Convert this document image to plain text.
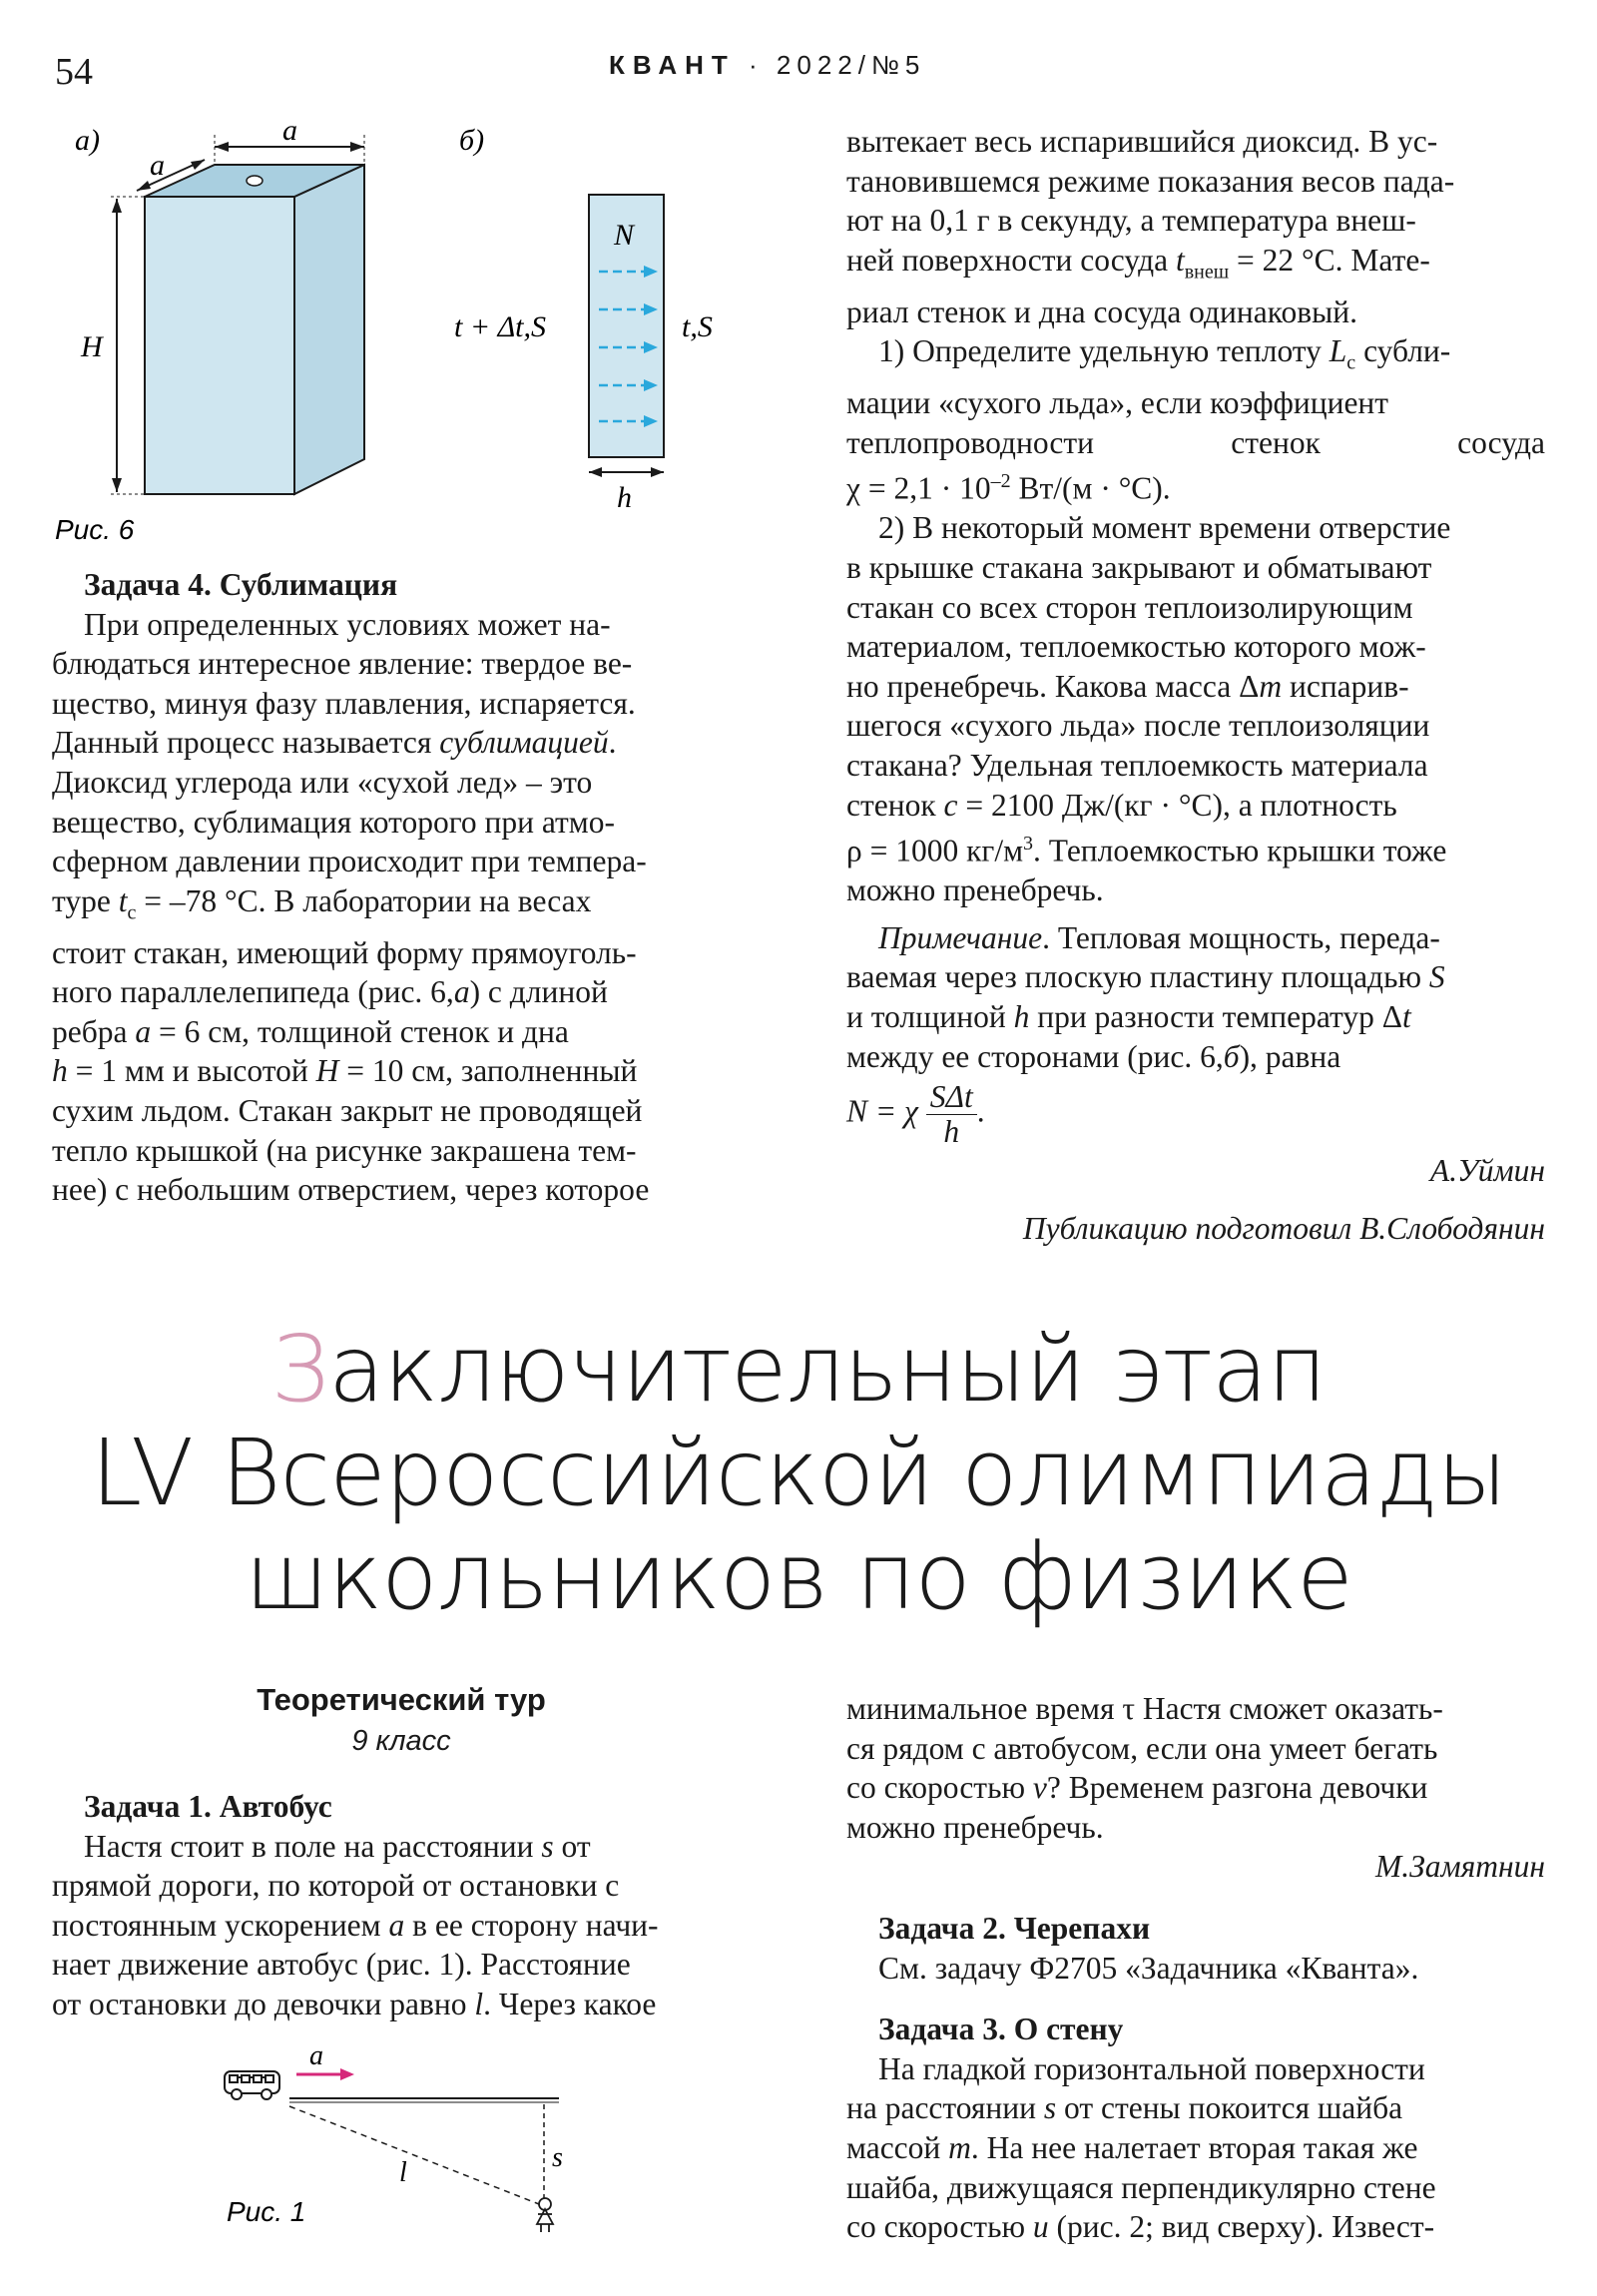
54	КВАНТ · 2022/№5
а)	б)
a
a
H
N
t + Δt,S	t,S
h
Рис. 6

Задача 4. Сублимация

При определенных условиях может на-

блюдаться интересное явление: твердое ве-

щество, минуя фазу плавления, испаряется.

Данный процесс называется сублимацией.

Диоксид углерода или «сухой лед» – это

вещество, сублимация которого при атмо-

сферном давлении происходит при темпера-

туре $t_с = -78$ °С. В лаборатории на весах

стоит стакан, имеющий форму прямоуголь-

ного параллелепипеда (рис. 6,а) с длиной

ребра a = 6 см, толщиной стенок и дна

h = 1 мм и высотой H = 10 см, заполненный

сухим льдом. Стакан закрыт не проводящей

тепло крышкой (на рисунке закрашена тем-

нее) с небольшим отверстием, через которое

вытекает весь испарившийся диоксид. В ус-

тановившемся режиме показания весов пада-

ют на 0,1 г в секунду, а температура внеш-

ней поверхности сосуда $t_{внеш} = 22$ °С. Мате-

риал стенок и дна сосуда одинаковый.

1) Определите удельную теплоту $L_с$ субли-

мации «сухого льда», если коэффициент

теплопроводности стенок сосуда

$\chi = 2,1 \cdot 10^{-2}$ Вт/(м · °С).

2) В некоторый момент времени отверстие

в крышке стакана закрывают и обматывают

стакан со всех сторон теплоизолирующим

материалом, теплоемкостью которого мож-

но пренебречь. Какова масса Δm испарив-

шегося «сухого льда» после теплоизоляции

стакана? Удельная теплоемкость материала

стенок c = 2100 Дж/(кг · °С), а плотность

ρ = 1000 $кг/м^3$. Теплоемкостью крышки тоже

можно пренебречь.

Примечание. Тепловая мощность, переда-

ваемая через плоскую пластину площадью S

и толщиной h при разности температур Δt

между ее сторонами (рис. 6,б), равна

N = χ $\frac{\text{SΔt}}{h}$ .

А.Уймин

Публикацию подготовил В.Слободянин

Заключительный этап
LV Всероссийской олимпиады
школьников по физике
Теоретический тур
9 класс

Задача 1. Автобус

Настя стоит в поле на расстоянии s от

прямой дороги, по которой от остановки с

постоянным ускорением a в ее сторону начи-

нает движение автобус (рис. 1). Расстояние

от остановки до девочки равно l. Через какое

a
s
l
Рис. 1

минимальное время τ Настя сможет оказать-

ся рядом с автобусом, если она умеет бегать

со скоростью v? Временем разгона девочки

можно пренебречь.

М.Замятнин

Задача 2. Черепахи

См. задачу Ф2705 «Задачника «Кванта».

Задача 3. О стену

На гладкой горизонтальной поверхности

на расстоянии s от стены покоится шайба

массой m. На нее налетает вторая такая же

шайба, движущаяся перпендикулярно стене

со скоростью u (рис. 2; вид сверху). Извест-
